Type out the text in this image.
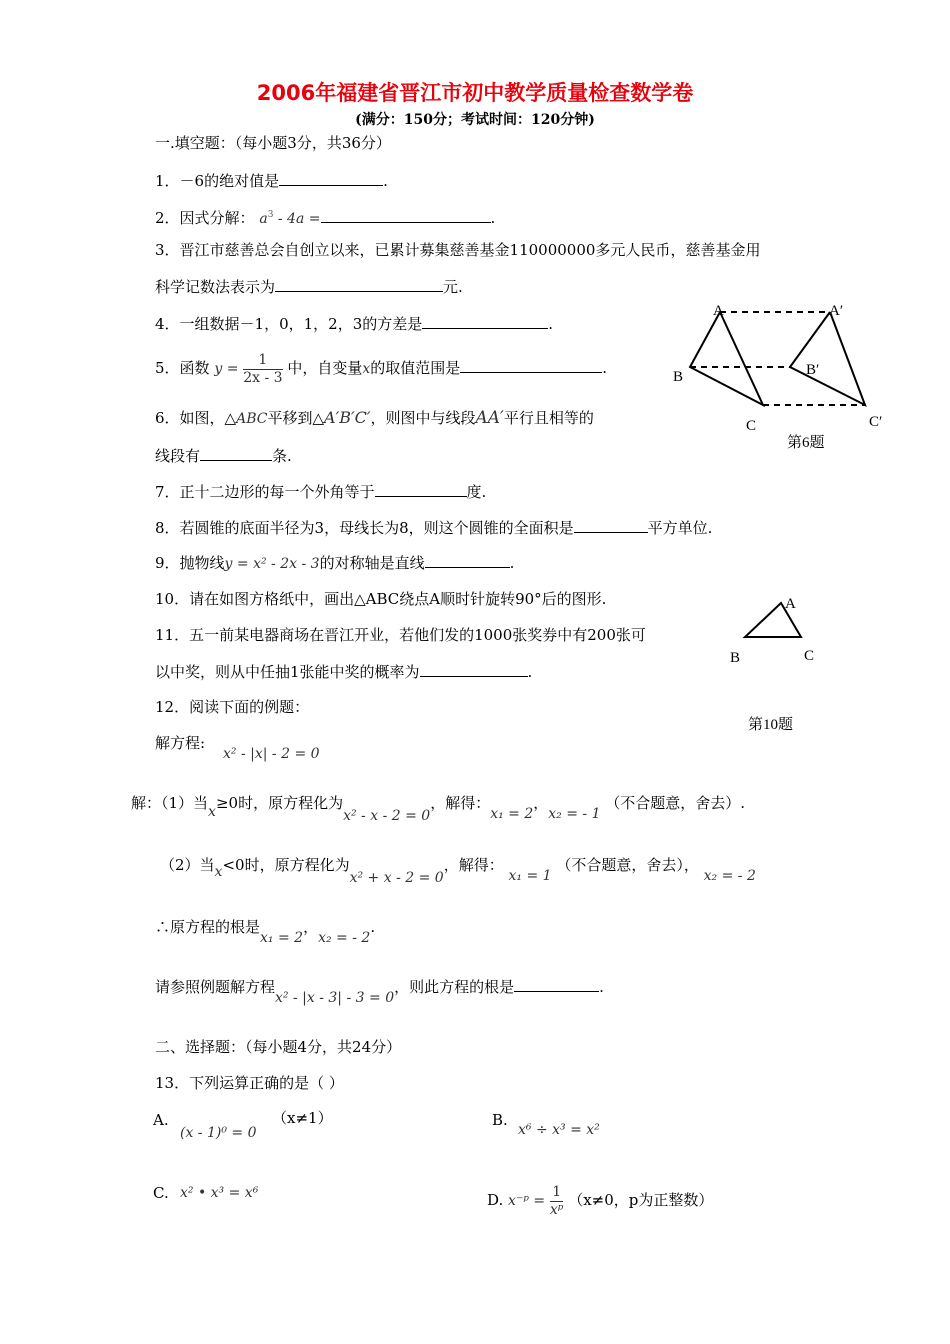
2006年福建省晋江市初中教学质量检查数学卷
(满分：150分；考试时间：120分钟)
一.填空题：（每小题3分，共36分）
1．－6的绝对值是	.
2．因式分解： $a^3 - 4a$ =	.
3．晋江市慈善总会自创立以来，已累计募集慈善基金110000000多元人民币，慈善基金用
科学记数法表示为	元.
4．一组数据－1，0，1，2，3的方差是	.
5．函数 $y = \frac{1}{2x - 3}$ 中，自变量x的取值范围是	.
6．如图，△ABC平移到△A′B′C′，则图中与线段AA′平行且相等的
线段有	条.
7．正十二边形的每一个外角等于	度.
8．若圆锥的底面半径为3，母线长为8，则这个圆锥的全面积是	平方单位.
9．抛物线y = x² - 2x - 3的对称轴是直线	.
10．请在如图方格纸中，画出△ABC绕点A顺时针旋转90°后的图形.
11．五一前某电器商场在晋江开业，若他们发的1000张奖券中有200张可
以中奖，则从中任抽1张能中奖的概率为	.
12．阅读下面的例题：
解方程:
x² - |x| - 2 = 0
解：（1）当x≥0时，原方程化为x² - x - 2 = 0，解得：x₁ = 2，x₂ = - 1 （不合题意，舍去）.
（2）当x<0时，原方程化为x² + x - 2 = 0，解得： x₁ = 1 （不合题意，舍去）， x₂ = - 2
∴原方程的根是x₁ = 2，x₂ = - 2.
请参照例题解方程x² - |x - 3| - 3 = 0，则此方程的根是	.
二、选择题：（每小题4分，共24分）
13．下列运算正确的是（ ）
A.
(x - 1)⁰ = 0
（x≠1）	B.
x⁶ ÷ x³ = x²
C. x² • x³ = x⁶	D. x⁻ᵖ = $\frac{1}{\text{xᵖ}} (x\ne 0$，p为正整数）
A	A′
B	B′
C	C′
第6题
A
B	C
第10题
